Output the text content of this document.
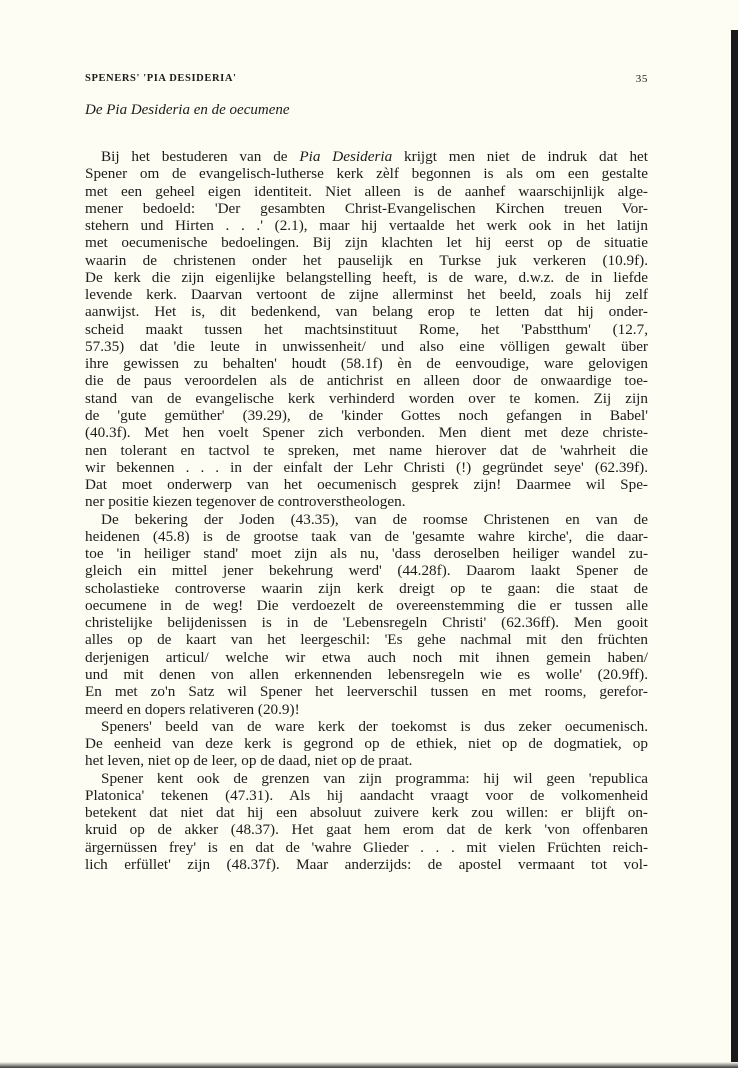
SPENERS' 'PIA DESIDERIA'	35
De Pia Desideria en de oecumene
Bij het bestuderen van de Pia Desideria krijgt men niet de indruk dat het
Spener om de evangelisch-lutherse kerk zèlf begonnen is als om een gestalte
met een geheel eigen identiteit. Niet alleen is de aanhef waarschijnlijk alge-
mener bedoeld: 'Der gesambten Christ-Evangelischen Kirchen treuen Vor-
stehern und Hirten . . .' (2.1), maar hij vertaalde het werk ook in het latijn
met oecumenische bedoelingen. Bij zijn klachten let hij eerst op de situatie
waarin de christenen onder het pauselijk en Turkse juk verkeren (10.9f).
De kerk die zijn eigenlijke belangstelling heeft, is de ware, d.w.z. de in liefde
levende kerk. Daarvan vertoont de zijne allerminst het beeld, zoals hij zelf
aanwijst. Het is, dit bedenkend, van belang erop te letten dat hij onder-
scheid maakt tussen het machtsinstituut Rome, het 'Pabstthum' (12.7,
57.35) dat 'die leute in unwissenheit/ und also eine völligen gewalt über
ihre gewissen zu behalten' houdt (58.1f) èn de eenvoudige, ware gelovigen
die de paus veroordelen als de antichrist en alleen door de onwaardige toe-
stand van de evangelische kerk verhinderd worden over te komen. Zij zijn
de 'gute gemüther' (39.29), de 'kinder Gottes noch gefangen in Babel'
(40.3f). Met hen voelt Spener zich verbonden. Men dient met deze christe-
nen tolerant en tactvol te spreken, met name hierover dat de 'wahrheit die
wir bekennen . . . in der einfalt der Lehr Christi (!) gegründet seye' (62.39f).
Dat moet onderwerp van het oecumenisch gesprek zijn! Daarmee wil Spe-
ner positie kiezen tegenover de controverstheologen.
De bekering der Joden (43.35), van de roomse Christenen en van de
heidenen (45.8) is de grootse taak van de 'gesamte wahre kirche', die daar-
toe 'in heiliger stand' moet zijn als nu, 'dass deroselben heiliger wandel zu-
gleich ein mittel jener bekehrung werd' (44.28f). Daarom laakt Spener de
scholastieke controverse waarin zijn kerk dreigt op te gaan: die staat de
oecumene in de weg! Die verdoezelt de overeenstemming die er tussen alle
christelijke belijdenissen is in de 'Lebensregeln Christi' (62.36ff). Men gooit
alles op de kaart van het leergeschil: 'Es gehe nachmal mit den früchten
derjenigen articul/ welche wir etwa auch noch mit ihnen gemein haben/
und mit denen von allen erkennenden lebensregeln wie es wolle' (20.9ff).
En met zo'n Satz wil Spener het leerverschil tussen en met rooms, gerefor-
meerd en dopers relativeren (20.9)!
Speners' beeld van de ware kerk der toekomst is dus zeker oecumenisch.
De eenheid van deze kerk is gegrond op de ethiek, niet op de dogmatiek, op
het leven, niet op de leer, op de daad, niet op de praat.
Spener kent ook de grenzen van zijn programma: hij wil geen 'republica
Platonica' tekenen (47.31). Als hij aandacht vraagt voor de volkomenheid
betekent dat niet dat hij een absoluut zuivere kerk zou willen: er blijft on-
kruid op de akker (48.37). Het gaat hem erom dat de kerk 'von offenbaren
ärgernüssen frey' is en dat de 'wahre Glieder . . . mit vielen Früchten reich-
lich erfüllet' zijn (48.37f). Maar anderzijds: de apostel vermaant tot vol-
